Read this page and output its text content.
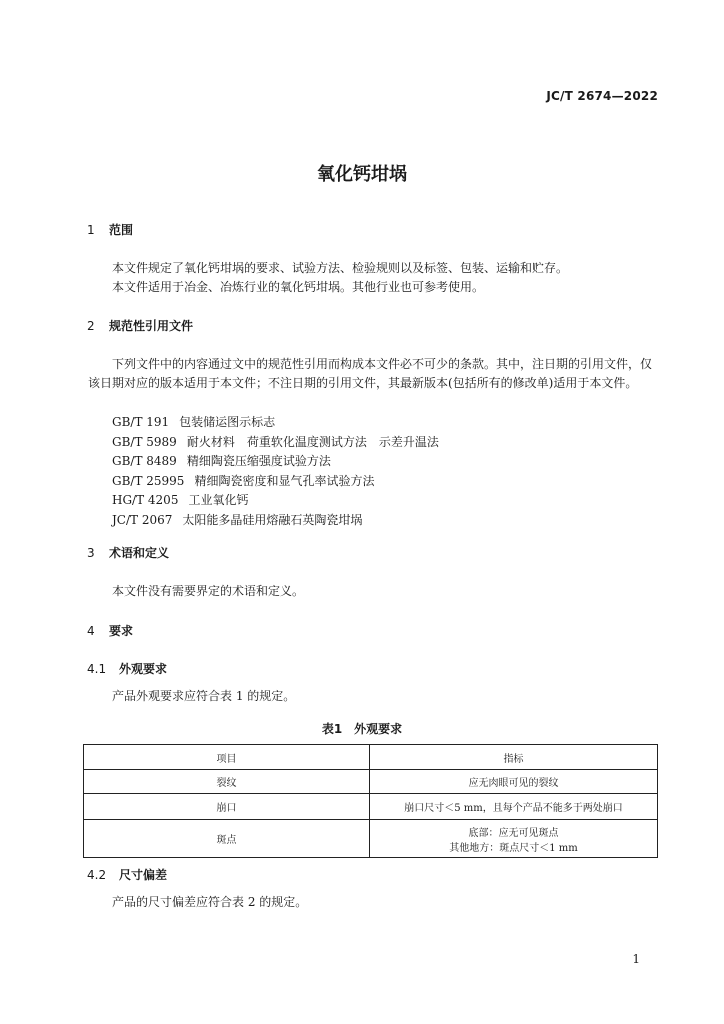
JC/T 2674—2022
氧化钙坩埚
1 范围
本文件规定了氧化钙坩埚的要求、试验方法、检验规则以及标签、包装、运输和贮存。
本文件适用于冶金、冶炼行业的氧化钙坩埚。其他行业也可参考使用。
2 规范性引用文件
下列文件中的内容通过文中的规范性引用而构成本文件必不可少的条款。其中，注日期的引用文件，仅该日期对应的版本适用于本文件；不注日期的引用文件，其最新版本(包括所有的修改单)适用于本文件。
GB/T 191 包装储运图示标志
GB/T 5989 耐火材料　荷重软化温度测试方法　示差升温法
GB/T 8489 精细陶瓷压缩强度试验方法
GB/T 25995 精细陶瓷密度和显气孔率试验方法
HG/T 4205 工业氧化钙
JC/T 2067 太阳能多晶硅用熔融石英陶瓷坩埚
3 术语和定义
本文件没有需要界定的术语和定义。
4 要求
4.1 外观要求
产品外观要求应符合表 1 的规定。
表1　外观要求
项目	指标
裂纹	应无肉眼可见的裂纹
崩口	崩口尺寸＜5 mm，且每个产品不能多于两处崩口
斑点	底部：应无可见斑点
其他地方：斑点尺寸＜1 mm
4.2 尺寸偏差
产品的尺寸偏差应符合表 2 的规定。
1
